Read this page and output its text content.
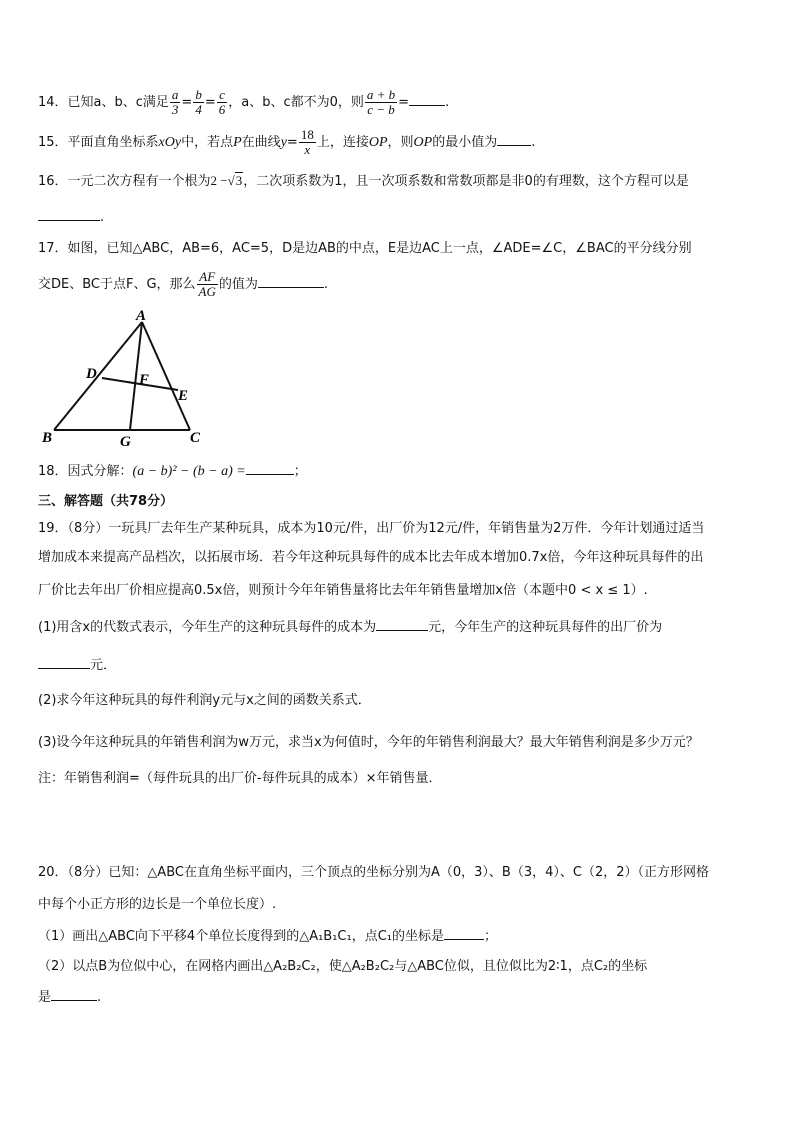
14．已知a、b、c满足 $\frac{a}{3} = \frac{b}{4} = \frac{c}{6}$ ，a、b、c都不为0，则 $\frac{a + b}{c - b}$ =	.
15．平面直角坐标系xOy中，若点P在曲线$y= \frac{18}{x}$ 上，连接OP，则OP的最小值为	.
16．一元二次方程有一个根为2 −√3，二次项系数为1，且一次项系数和常数项都是非0的有理数，这个方程可以是
.
17．如图，已知△ABC，AB=6，AC=5，D是边AB的中点，E是边AC上一点，∠ADE=∠C，∠BAC的平分线分别
交DE、BC于点F、G，那么 $\frac{AF}{AG}$ 的值为	.
A
B	C
D
E
F
G
18．因式分解：(a − b)² − (b − a) =	；
三、解答题（共78分）
19．（8分）一玩具厂去年生产某种玩具，成本为10元/件，出厂价为12元/件，年销售量为2万件．今年计划通过适当
增加成本来提高产品档次，以拓展市场．若今年这种玩具每件的成本比去年成本增加0.7x倍，今年这种玩具每件的出
厂价比去年出厂价相应提高0.5x倍，则预计今年年销售量将比去年年销售量增加x倍（本题中0 < x ≤ 1）.
(1)用含x的代数式表示，今年生产的这种玩具每件的成本为	元，今年生产的这种玩具每件的出厂价为
元．
(2)求今年这种玩具的每件利润y元与x之间的函数关系式．
(3)设今年这种玩具的年销售利润为w万元，求当x为何值时，今年的年销售利润最大？最大年销售利润是多少万元？
注：年销售利润=（每件玩具的出厂价-每件玩具的成本）×年销售量．
20．（8分）已知：△ABC在直角坐标平面内，三个顶点的坐标分别为A（0，3）、B（3，4）、C（2，2）（正方形网格
中每个小正方形的边长是一个单位长度）.
（1）画出△ABC向下平移4个单位长度得到的△A₁B₁C₁，点C₁的坐标是	；
（2）以点B为位似中心，在网格内画出△A₂B₂C₂，使△A₂B₂C₂与△ABC位似，且位似比为2∶1，点C₂的坐标
是	.
